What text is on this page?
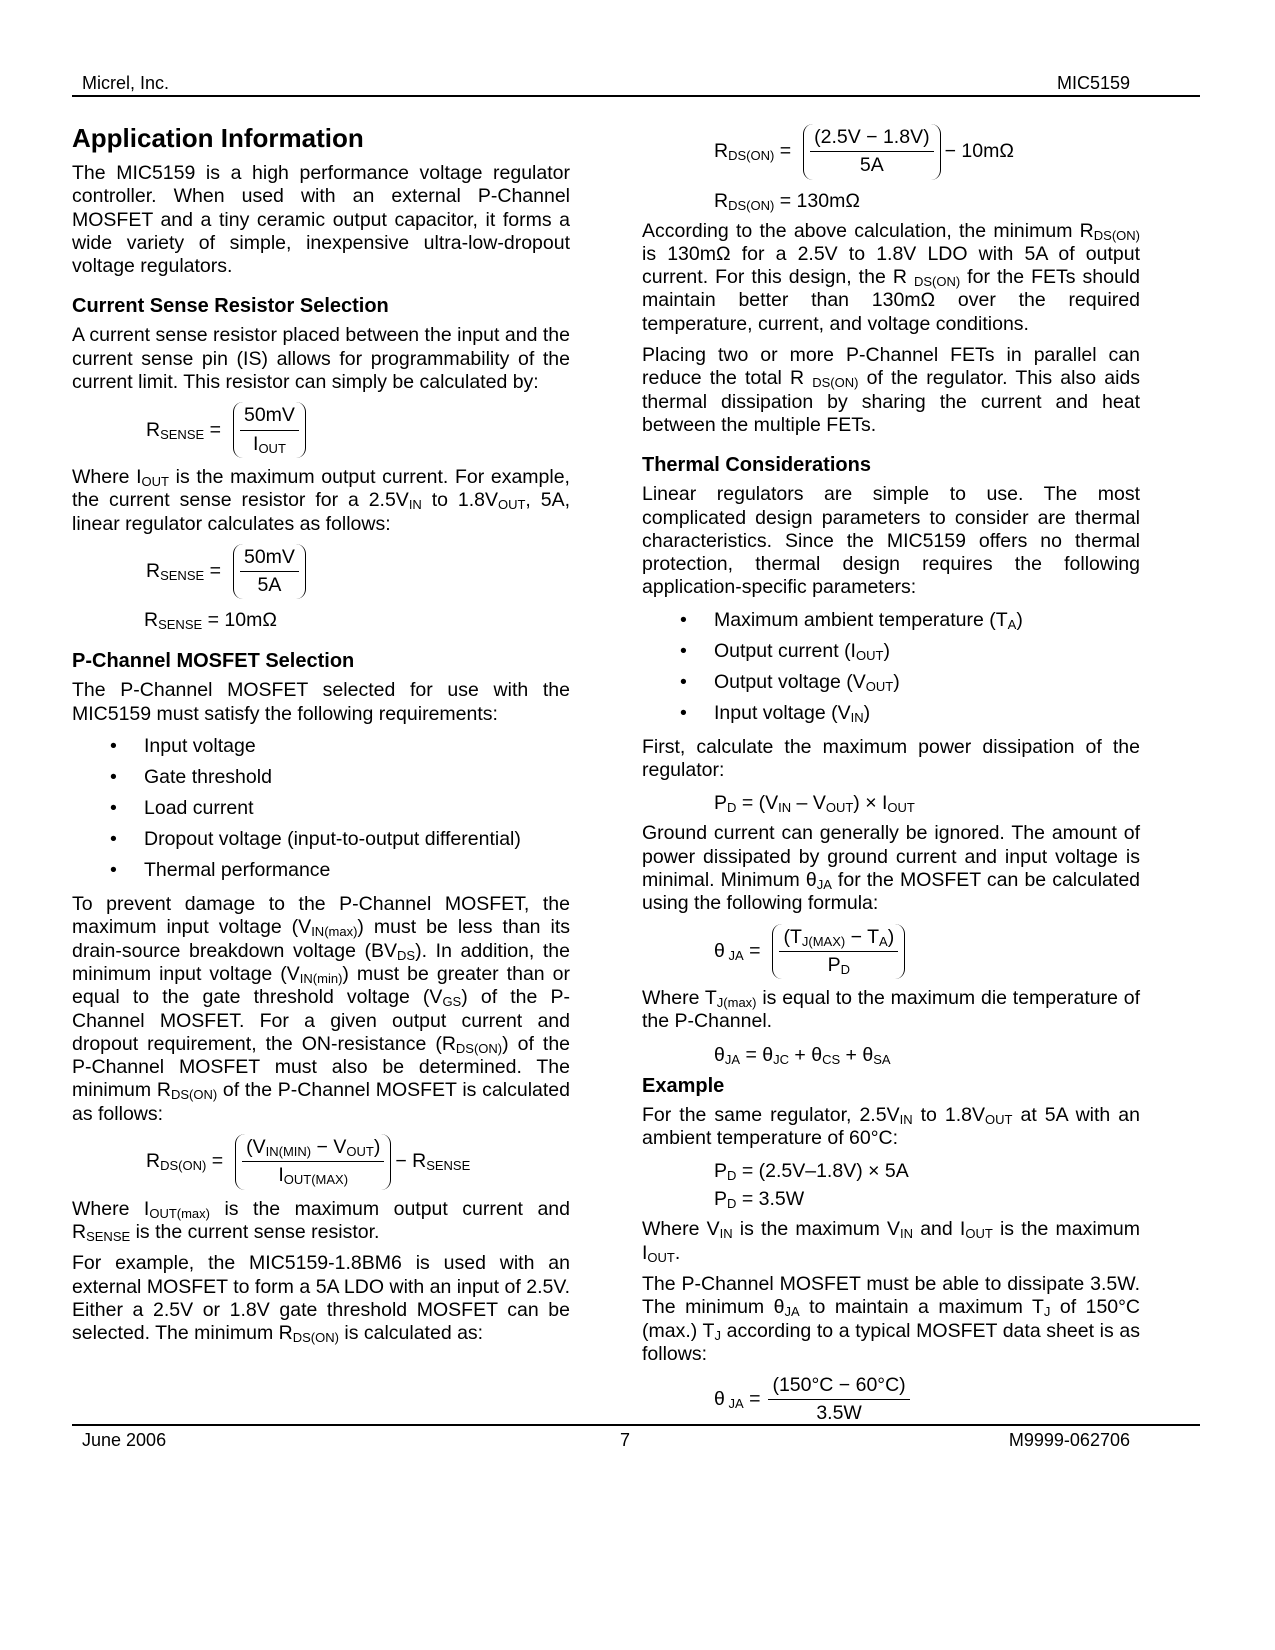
Micrel, Inc.	MIC5159
Application Information

The MIC5159 is a high performance voltage regulator controller. When used with an external P-Channel MOSFET and a tiny ceramic output capacitor, it forms a wide variety of simple, inexpensive ultra-low-dropout voltage regulators.

Current Sense Resistor Selection

A current sense resistor placed between the input and the current sense pin (IS) allows for programmability of the current limit. This resistor can simply be calculated by:

$R_{SENSE} = \frac{50mV}{I_{OUT}}$

Where $I_{OUT}$ is the maximum output current. For example, the current sense resistor for a $2.5V_{IN}$ to $1.8V_{OUT}$, 5A, linear regulator calculates as follows:

$R_{SENSE} = \frac{50mV}{5A}$
$R_{SENSE} = 10m\Omega$
P-Channel MOSFET Selection

The P-Channel MOSFET selected for use with the MIC5159 must satisfy the following requirements:

• Input voltage
• Gate threshold
• Load current
• Dropout voltage (input-to-output differential)
• Thermal performance

To prevent damage to the P-Channel MOSFET, the maximum input voltage $(V_{IN(max)})$ must be less than its drain-source breakdown voltage $(BV_{DS})$. In addition, the minimum input voltage $(V_{IN(min)})$ must be greater than or equal to the gate threshold voltage $(V_{GS})$ of the P-Channel MOSFET. For a given output current and dropout requirement, the ON-resistance $(R_{DS(ON)})$ of the P-Channel MOSFET must also be determined. The minimum $R_{DS(ON)}$ of the P-Channel MOSFET is calculated as follows:

$R_{DS(ON)} = \frac{(V_{IN(MIN)} - V_{OUT})}{I_{OUT(MAX)}} - R_{SENSE}$

Where $I_{OUT(max)}$ is the maximum output current and $R_{SENSE}$ is the current sense resistor.

For example, the MIC5159-1.8BM6 is used with an external MOSFET to form a 5A LDO with an input of 2.5V. Either a 2.5V or 1.8V gate threshold MOSFET can be selected. The minimum $R_{DS(ON)}$ is calculated as:

$R_{DS(ON)} = \frac{(2.5V - 1.8V)}{5A} - 10m\Omega$
$R_{DS(ON)} = 130m\Omega$

According to the above calculation, the minimum $R_{DS(ON)}$ is 130mΩ for a 2.5V to 1.8V LDO with 5A of output current. For this design, the R $_{DS(ON)}$ for the FETs should maintain better than 130mΩ over the required temperature, current, and voltage conditions.

Placing two or more P-Channel FETs in parallel can reduce the total R $_{DS(ON)}$ of the regulator. This also aids thermal dissipation by sharing the current and heat between the multiple FETs.

Thermal Considerations

Linear regulators are simple to use. The most complicated design parameters to consider are thermal characteristics. Since the MIC5159 offers no thermal protection, thermal design requires the following application-specific parameters:

• Maximum ambient temperature $(T_A)$
• Output current $(I_{OUT})$
• Output voltage $(V_{OUT})$
• Input voltage $(V_{IN})$

First, calculate the maximum power dissipation of the regulator:

$P_D = (V_{IN} - V_{OUT}) \times I_{OUT}$

Ground current can generally be ignored. The amount of power dissipated by ground current and input voltage is minimal. Minimum $\theta_{JA}$ for the MOSFET can be calculated using the following formula:

θ $_{JA} = \frac{(T_{J(MAX)} - T_A)}{P_D}$

Where $T_{J(max)}$ is equal to the maximum die temperature of the P-Channel.

$\theta_{JA} = \theta_{JC} + \theta_{CS} + \theta_{SA}$
Example

For the same regulator, $2.5V_{IN}$ to $1.8V_{OUT}$ at 5A with an ambient temperature of 60°C:

$P_D = (2.5V-1.8V) \times 5A$
$P_D = 3.5W$

Where $V_{IN}$ is the maximum $V_{IN}$ and $I_{OUT}$ is the maximum $I_{OUT}$.

The P-Channel MOSFET must be able to dissipate 3.5W. The minimum $\theta_{JA}$ to maintain a maximum $T_J$ of 150°C (max.) $T_J$ according to a typical MOSFET data sheet is as follows:

θ $_{JA} = \frac{(150^\circ C - 60^\circ C)}{3.5W}$
June 2006	7	M9999-062706
